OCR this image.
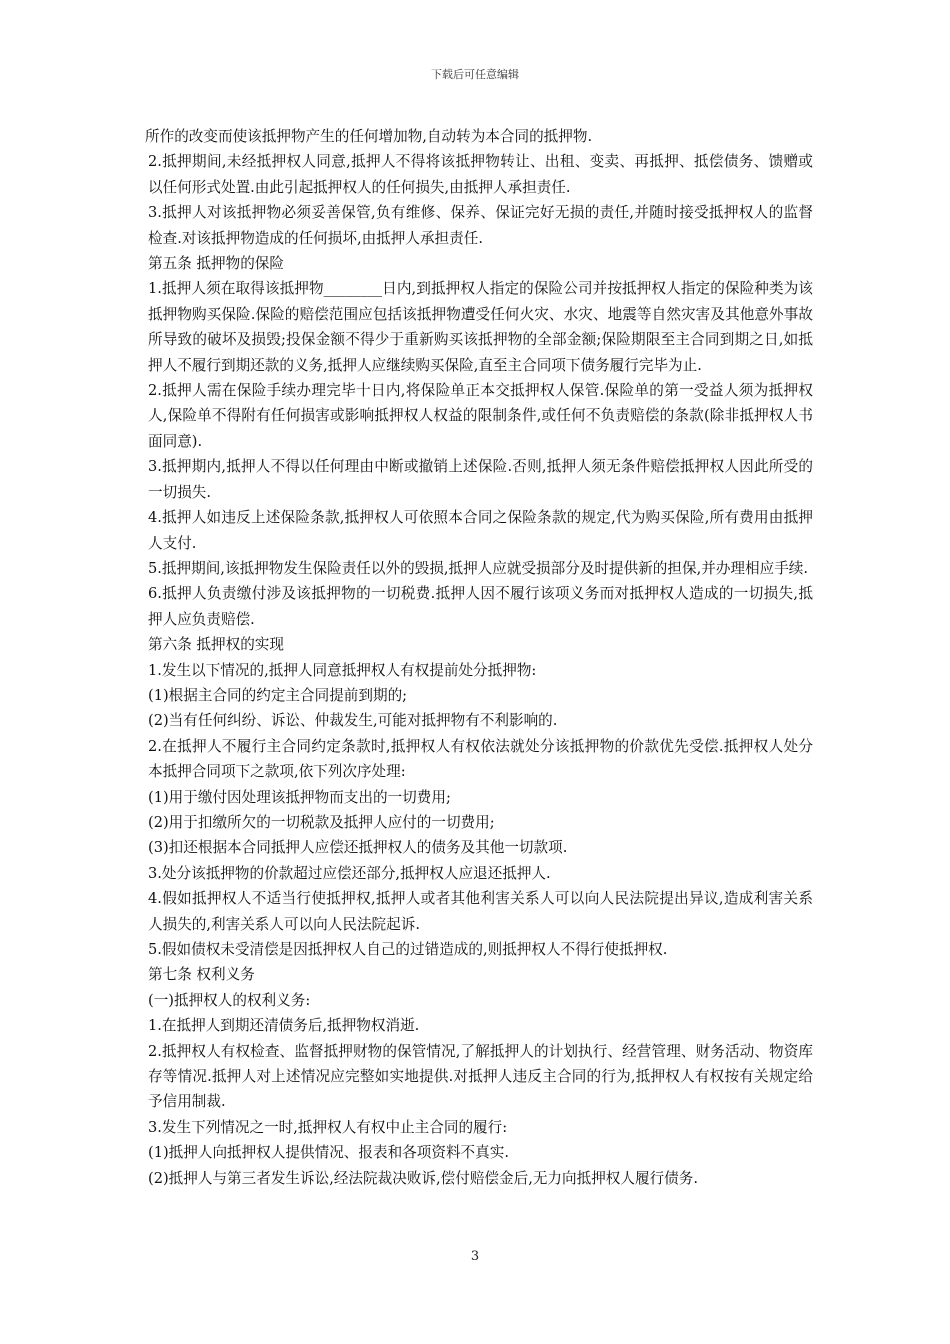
下载后可任意编辑

所作的改变而使该抵押物产生的任何增加物,自动转为本合同的抵押物.

2.抵押期间,未经抵押权人同意,抵押人不得将该抵押物转让、出租、变卖、再抵押、抵偿债务、馈赠或以任何形式处置.由此引起抵押权人的任何损失,由抵押人承担责任.

3.抵押人对该抵押物必须妥善保管,负有维修、保养、保证完好无损的责任,并随时接受抵押权人的监督检查.对该抵押物造成的任何损坏,由抵押人承担责任.

第五条 抵押物的保险

1.抵押人须在取得该抵押物________日内,到抵押权人指定的保险公司并按抵押权人指定的保险种类为该抵押物购买保险.保险的赔偿范围应包括该抵押物遭受任何火灾、水灾、地震等自然灾害及其他意外事故所导致的破坏及损毁;投保金额不得少于重新购买该抵押物的全部金额;保险期限至主合同到期之日,如抵押人不履行到期还款的义务,抵押人应继续购买保险,直至主合同项下债务履行完毕为止.

2.抵押人需在保险手续办理完毕十日内,将保险单正本交抵押权人保管.保险单的第一受益人须为抵押权人,保险单不得附有任何损害或影响抵押权人权益的限制条件,或任何不负责赔偿的条款(除非抵押权人书面同意).

3.抵押期内,抵押人不得以任何理由中断或撤销上述保险.否则,抵押人须无条件赔偿抵押权人因此所受的一切损失.

4.抵押人如违反上述保险条款,抵押权人可依照本合同之保险条款的规定,代为购买保险,所有费用由抵押人支付.

5.抵押期间,该抵押物发生保险责任以外的毁损,抵押人应就受损部分及时提供新的担保,并办理相应手续.

6.抵押人负责缴付涉及该抵押物的一切税费.抵押人因不履行该项义务而对抵押权人造成的一切损失,抵押人应负责赔偿.

第六条 抵押权的实现

1.发生以下情况的,抵押人同意抵押权人有权提前处分抵押物:

(1)根据主合同的约定主合同提前到期的;

(2)当有任何纠纷、诉讼、仲裁发生,可能对抵押物有不利影响的.

2.在抵押人不履行主合同约定条款时,抵押权人有权依法就处分该抵押物的价款优先受偿.抵押权人处分本抵押合同项下之款项,依下列次序处理:

(1)用于缴付因处理该抵押物而支出的一切费用;

(2)用于扣缴所欠的一切税款及抵押人应付的一切费用;

(3)扣还根据本合同抵押人应偿还抵押权人的债务及其他一切款项.

3.处分该抵押物的价款超过应偿还部分,抵押权人应退还抵押人.

4.假如抵押权人不适当行使抵押权,抵押人或者其他利害关系人可以向人民法院提出异议,造成利害关系人损失的,利害关系人可以向人民法院起诉.

5.假如债权未受清偿是因抵押权人自己的过错造成的,则抵押权人不得行使抵押权.

第七条 权利义务

(一)抵押权人的权利义务:

1.在抵押人到期还清债务后,抵押物权消逝.

2.抵押权人有权检查、监督抵押财物的保管情况,了解抵押人的计划执行、经营管理、财务活动、物资库存等情况.抵押人对上述情况应完整如实地提供.对抵押人违反主合同的行为,抵押权人有权按有关规定给予信用制裁.

3.发生下列情况之一时,抵押权人有权中止主合同的履行:

(1)抵押人向抵押权人提供情况、报表和各项资料不真实.

(2)抵押人与第三者发生诉讼,经法院裁决败诉,偿付赔偿金后,无力向抵押权人履行债务.

3
